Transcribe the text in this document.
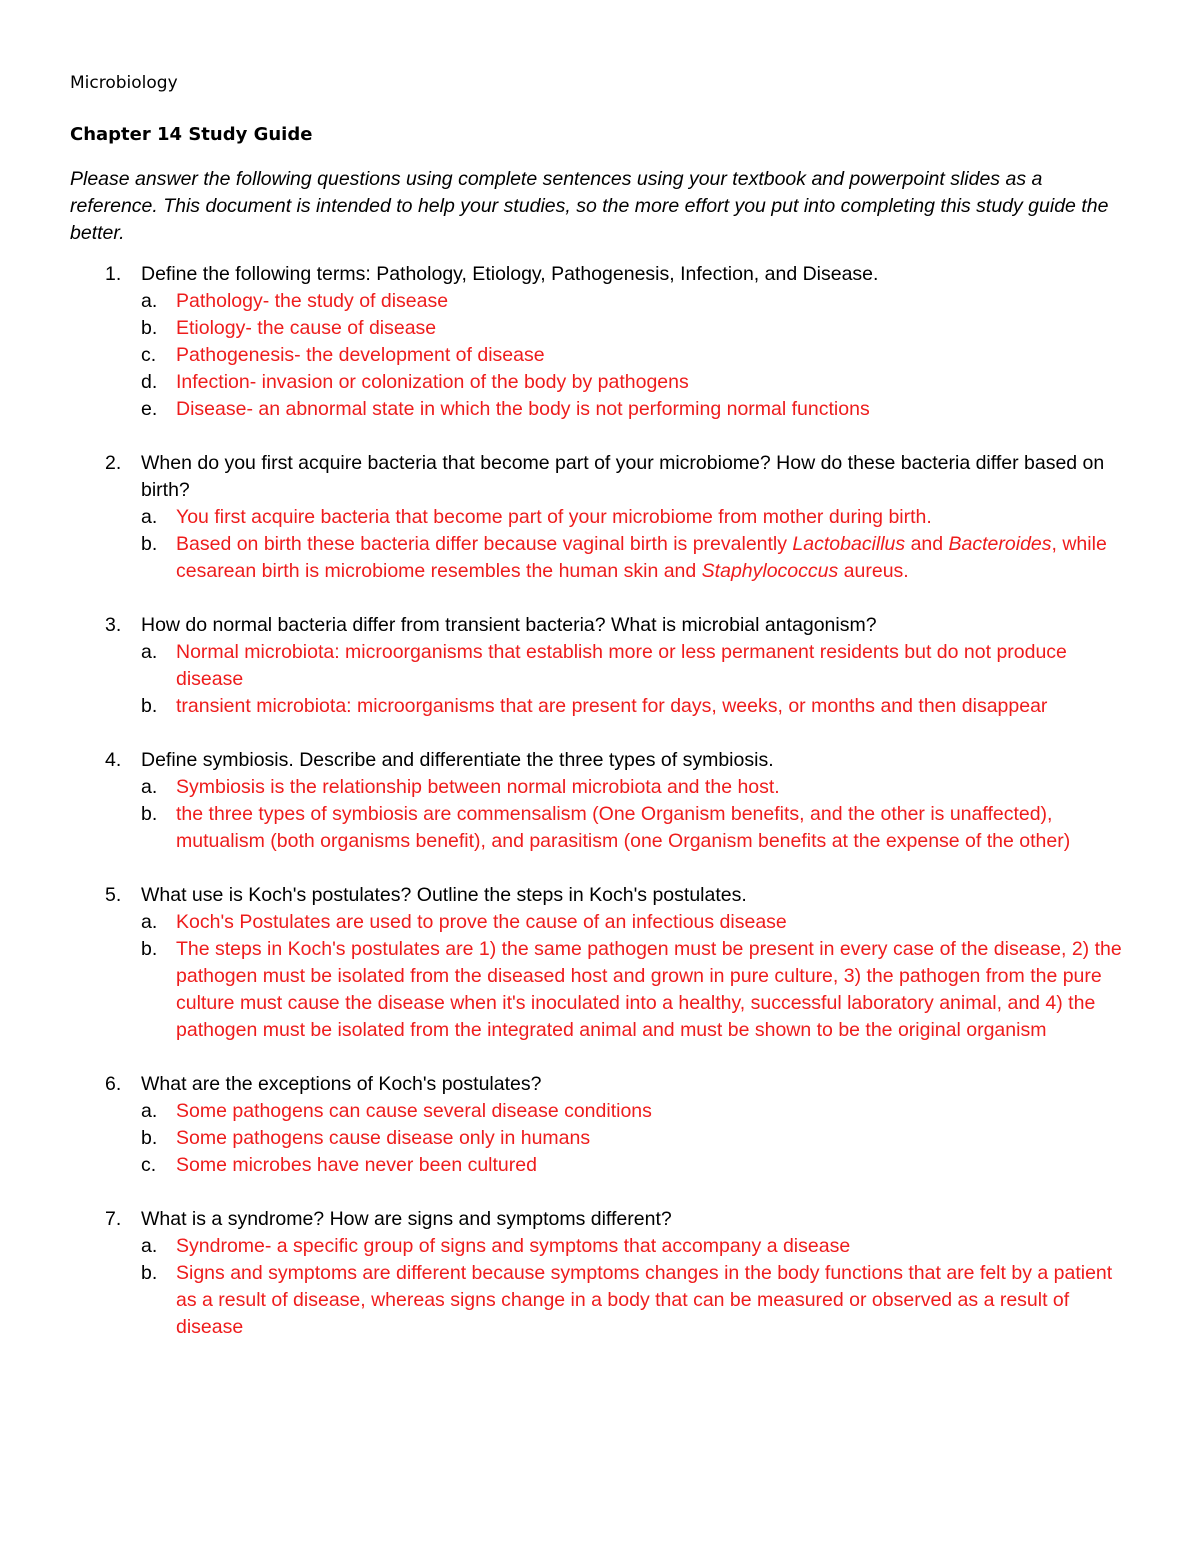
Microbiology
Chapter 14 Study Guide
Please answer the following questions using complete sentences using your textbook and powerpoint slides as a reference. This document is intended to help your studies, so the more effort you put into completing this study guide the better.
1. Define the following terms: Pathology, Etiology, Pathogenesis, Infection, and Disease.
a. Pathology- the study of disease
b. Etiology- the cause of disease
c. Pathogenesis- the development of disease
d. Infection- invasion or colonization of the body by pathogens
e. Disease- an abnormal state in which the body is not performing normal functions
2. When do you first acquire bacteria that become part of your microbiome? How do these bacteria differ based on birth?
a. You first acquire bacteria that become part of your microbiome from mother during birth.
b. Based on birth these bacteria differ because vaginal birth is prevalently Lactobacillus and Bacteroides, while cesarean birth is microbiome resembles the human skin and Staphylococcus aureus.
3. How do normal bacteria differ from transient bacteria? What is microbial antagonism?
a. Normal microbiota: microorganisms that establish more or less permanent residents but do not produce disease
b. transient microbiota: microorganisms that are present for days, weeks, or months and then disappear
4. Define symbiosis. Describe and differentiate the three types of symbiosis.
a. Symbiosis is the relationship between normal microbiota and the host.
b. the three types of symbiosis are commensalism (One Organism benefits, and the other is unaffected), mutualism (both organisms benefit), and parasitism (one Organism benefits at the expense of the other)
5. What use is Koch's postulates? Outline the steps in Koch's postulates.
a. Koch's Postulates are used to prove the cause of an infectious disease
b. The steps in Koch's postulates are 1) the same pathogen must be present in every case of the disease, 2) the pathogen must be isolated from the diseased host and grown in pure culture, 3) the pathogen from the pure culture must cause the disease when it's inoculated into a healthy, successful laboratory animal, and 4) the pathogen must be isolated from the integrated animal and must be shown to be the original organism
6. What are the exceptions of Koch's postulates?
a. Some pathogens can cause several disease conditions
b. Some pathogens cause disease only in humans
c. Some microbes have never been cultured
7. What is a syndrome? How are signs and symptoms different?
a. Syndrome- a specific group of signs and symptoms that accompany a disease
b. Signs and symptoms are different because symptoms changes in the body functions that are felt by a patient as a result of disease, whereas signs change in a body that can be measured or observed as a result of disease
